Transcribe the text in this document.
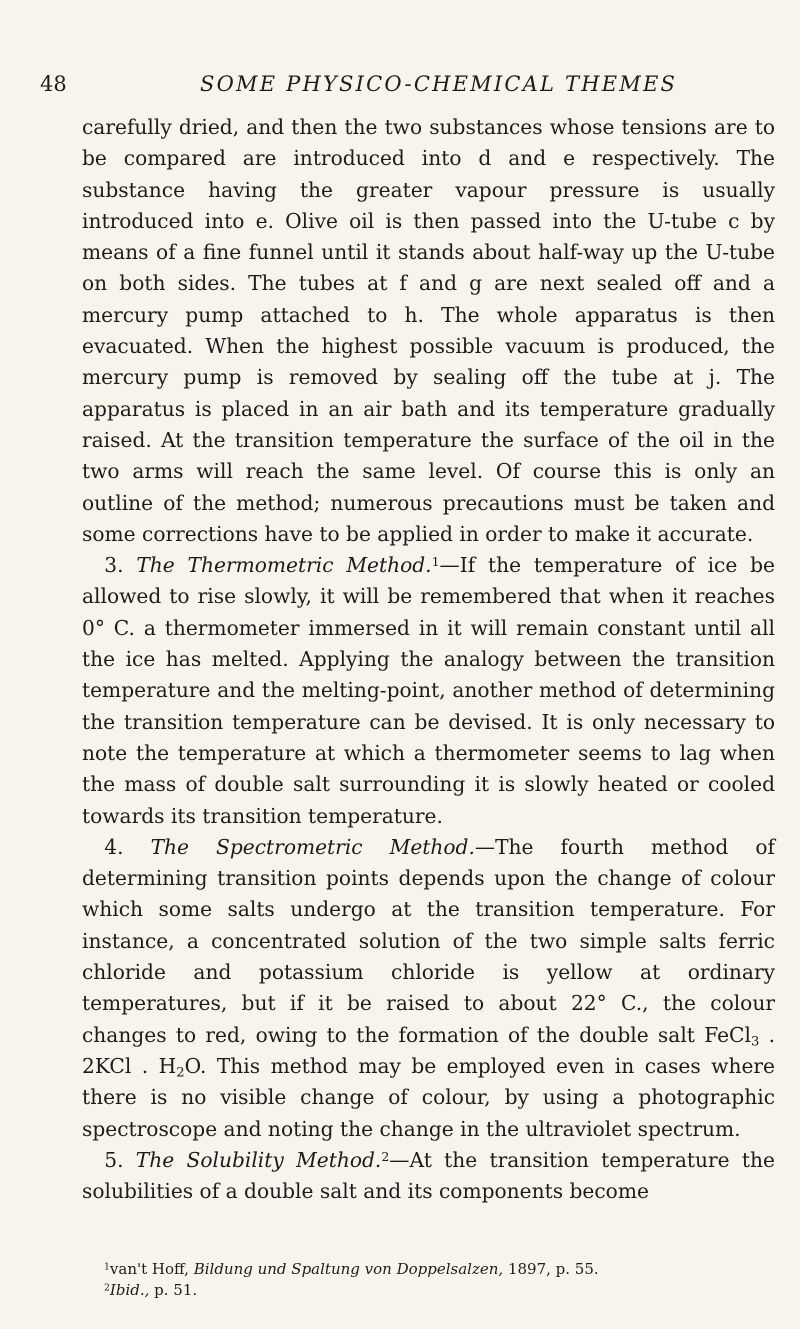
48	SOME PHYSICO-CHEMICAL THEMES

carefully dried, and then the two substances whose tensions are to be compared are introduced into d and e respectively. The substance having the greater vapour pressure is usually introduced into e. Olive oil is then passed into the U-tube c by means of a fine funnel until it stands about half-way up the U-tube on both sides. The tubes at f and g are next sealed off and a mercury pump attached to h. The whole apparatus is then evacuated. When the highest possible vacuum is produced, the mercury pump is removed by sealing off the tube at j. The apparatus is placed in an air bath and its temperature gradually raised. At the transition temperature the surface of the oil in the two arms will reach the same level. Of course this is only an outline of the method; numerous precautions must be taken and some corrections have to be applied in order to make it accurate.

3. The Thermometric Method.$^1$—If the temperature of ice be allowed to rise slowly, it will be remembered that when it reaches 0° C. a thermometer immersed in it will remain constant until all the ice has melted. Applying the analogy between the transition temperature and the melting-point, another method of determining the transition temperature can be devised. It is only necessary to note the temperature at which a thermometer seems to lag when the mass of double salt surrounding it is slowly heated or cooled towards its transition temperature.

4. The Spectrometric Method.—The fourth method of determining transition points depends upon the change of colour which some salts undergo at the transition temperature. For instance, a concentrated solution of the two simple salts ferric chloride and potassium chloride is yellow at ordinary temperatures, but if it be raised to about 22° C., the colour changes to red, owing to the formation of the double salt FeCl$_3$ . 2KCl . $H_2O$. This method may be employed even in cases where there is no visible change of colour, by using a photographic spectroscope and noting the change in the ultraviolet spectrum.

5. The Solubility Method.$^2$—At the transition temperature the solubilities of a double salt and its components become

$^1$van't Hoff, Bildung und Spaltung von Doppelsalzen, 1897, p. 55.

$^2$Ibid., p. 51.
